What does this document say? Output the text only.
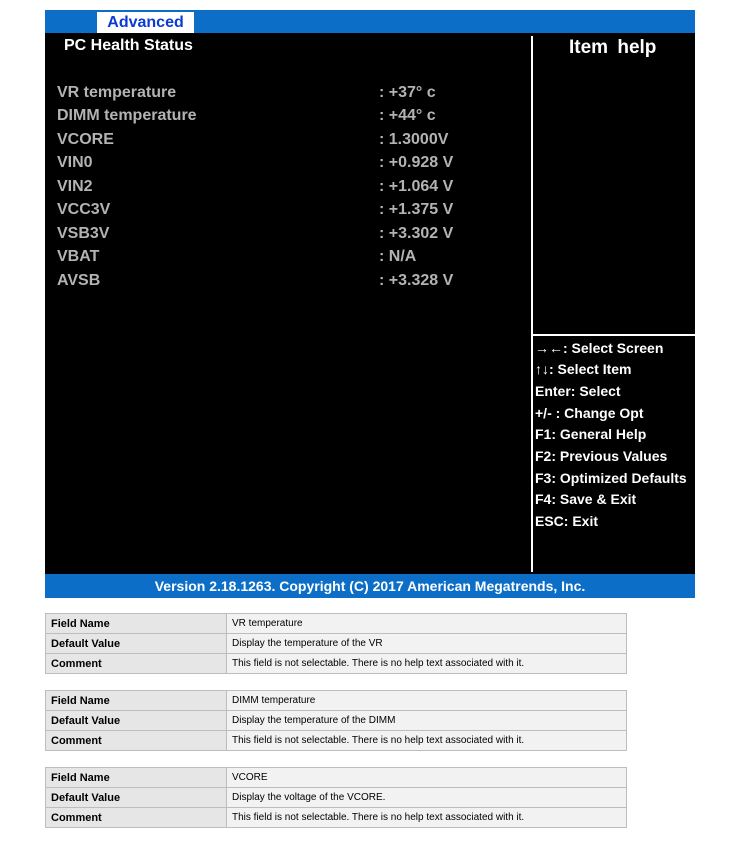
Advanced
PC Health Status	Item help
VR temperature	: +37° c
DIMM temperature	: +44° c
VCORE	: 1.3000V
VIN0	: +0.928 V
VIN2	: +1.064 V
VCC3V	: +1.375 V
VSB3V	: +3.302 V
VBAT	: N/A
AVSB	: +3.328 V
→←: Select Screen
↑↓: Select Item
Enter: Select
+/- : Change Opt
F1: General Help
F2: Previous Values
F3: Optimized Defaults
F4: Save & Exit
ESC: Exit
Version 2.18.1263. Copyright (C) 2017 American Megatrends, Inc.
Field Name	VR temperature
Default Value	Display the temperature of the VR
Comment	This field is not selectable. There is no help text associated with it.
Field Name	DIMM temperature
Default Value	Display the temperature of the DIMM
Comment	This field is not selectable. There is no help text associated with it.
Field Name	VCORE
Default Value	Display the voltage of the VCORE.
Comment	This field is not selectable. There is no help text associated with it.
